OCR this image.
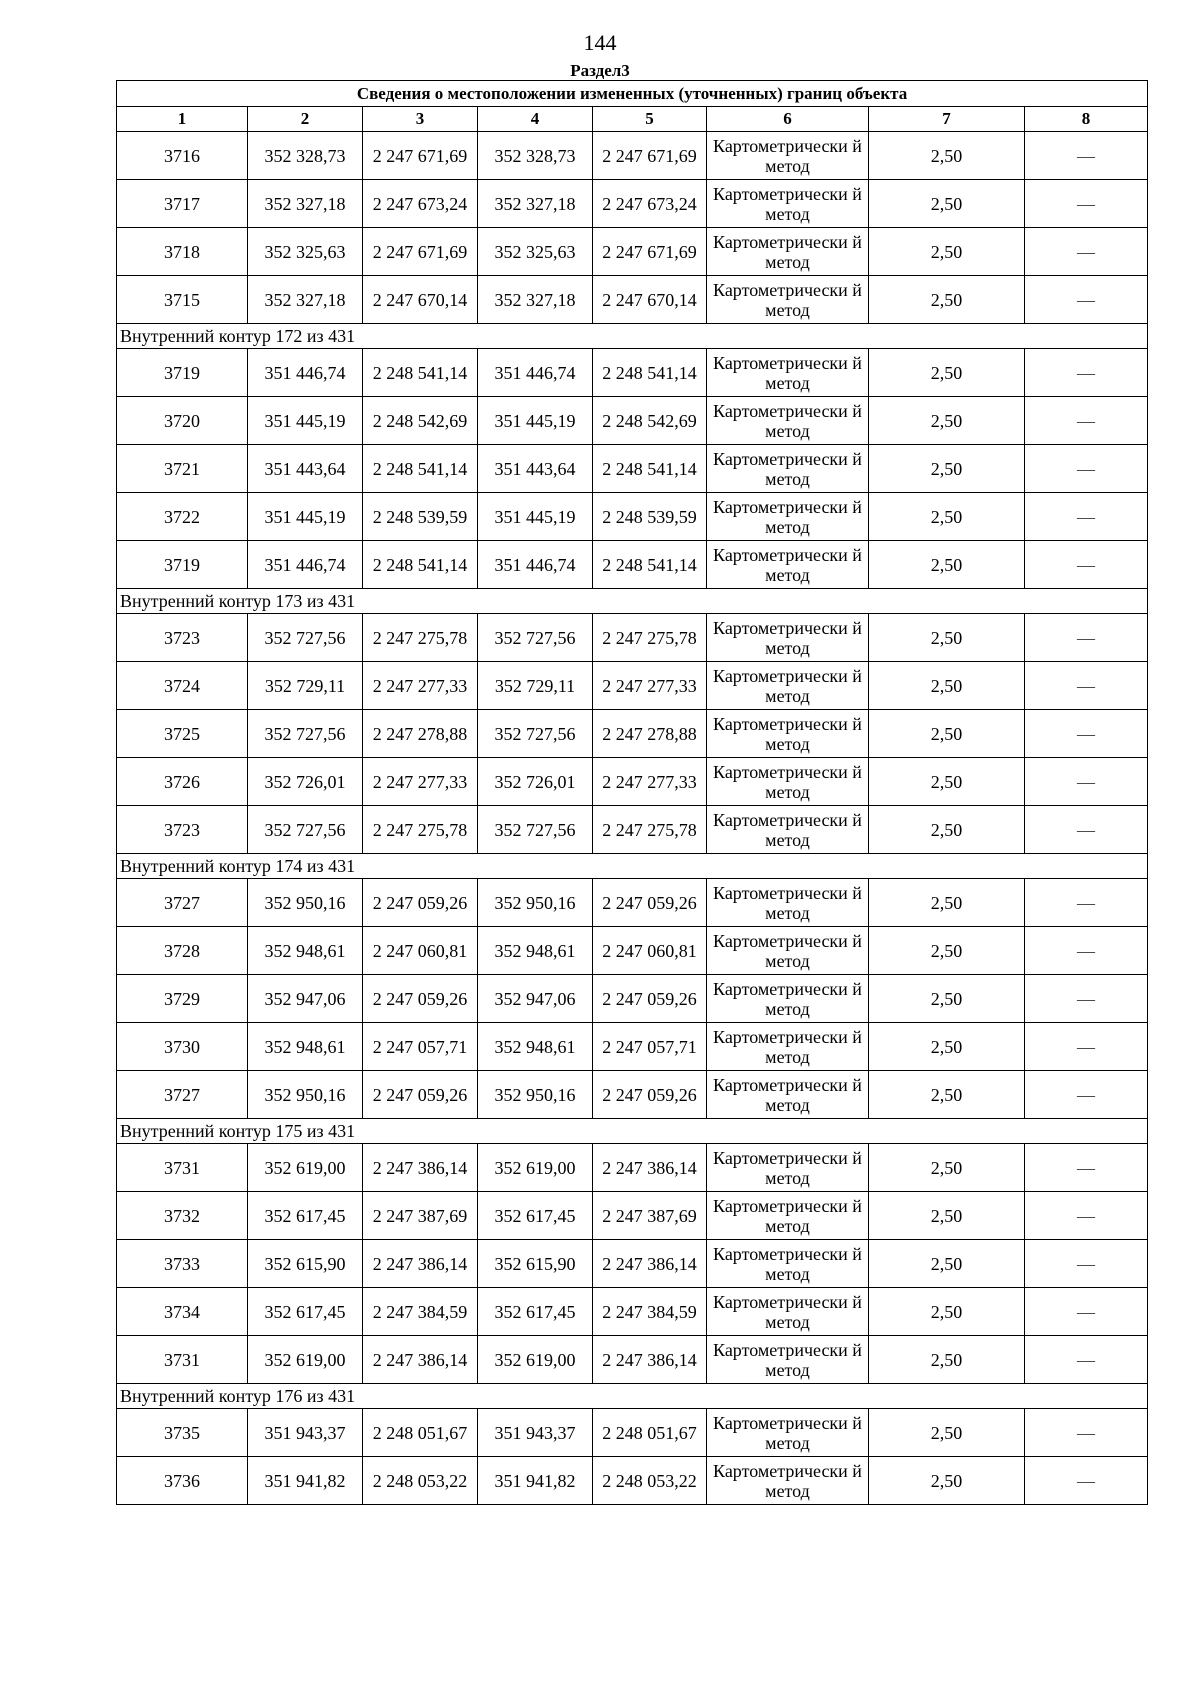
144
Раздел3
Сведения о местоположении измененных (уточненных) границ объекта							
1	2	3	4	5	6	7	8
3716	352 328,73	2 247 671,69	352 328,73	2 247 671,69	Картометрически й метод	2,50	—
3717	352 327,18	2 247 673,24	352 327,18	2 247 673,24	Картометрически й метод	2,50	—
3718	352 325,63	2 247 671,69	352 325,63	2 247 671,69	Картометрически й метод	2,50	—
3715	352 327,18	2 247 670,14	352 327,18	2 247 670,14	Картометрически й метод	2,50	—
Внутренний контур 172 из 431							
3719	351 446,74	2 248 541,14	351 446,74	2 248 541,14	Картометрически й метод	2,50	—
3720	351 445,19	2 248 542,69	351 445,19	2 248 542,69	Картометрически й метод	2,50	—
3721	351 443,64	2 248 541,14	351 443,64	2 248 541,14	Картометрически й метод	2,50	—
3722	351 445,19	2 248 539,59	351 445,19	2 248 539,59	Картометрически й метод	2,50	—
3719	351 446,74	2 248 541,14	351 446,74	2 248 541,14	Картометрически й метод	2,50	—
Внутренний контур 173 из 431							
3723	352 727,56	2 247 275,78	352 727,56	2 247 275,78	Картометрически й метод	2,50	—
3724	352 729,11	2 247 277,33	352 729,11	2 247 277,33	Картометрически й метод	2,50	—
3725	352 727,56	2 247 278,88	352 727,56	2 247 278,88	Картометрически й метод	2,50	—
3726	352 726,01	2 247 277,33	352 726,01	2 247 277,33	Картометрически й метод	2,50	—
3723	352 727,56	2 247 275,78	352 727,56	2 247 275,78	Картометрически й метод	2,50	—
Внутренний контур 174 из 431							
3727	352 950,16	2 247 059,26	352 950,16	2 247 059,26	Картометрически й метод	2,50	—
3728	352 948,61	2 247 060,81	352 948,61	2 247 060,81	Картометрически й метод	2,50	—
3729	352 947,06	2 247 059,26	352 947,06	2 247 059,26	Картометрически й метод	2,50	—
3730	352 948,61	2 247 057,71	352 948,61	2 247 057,71	Картометрически й метод	2,50	—
3727	352 950,16	2 247 059,26	352 950,16	2 247 059,26	Картометрически й метод	2,50	—
Внутренний контур 175 из 431							
3731	352 619,00	2 247 386,14	352 619,00	2 247 386,14	Картометрически й метод	2,50	—
3732	352 617,45	2 247 387,69	352 617,45	2 247 387,69	Картометрически й метод	2,50	—
3733	352 615,90	2 247 386,14	352 615,90	2 247 386,14	Картометрически й метод	2,50	—
3734	352 617,45	2 247 384,59	352 617,45	2 247 384,59	Картометрически й метод	2,50	—
3731	352 619,00	2 247 386,14	352 619,00	2 247 386,14	Картометрически й метод	2,50	—
Внутренний контур 176 из 431							
3735	351 943,37	2 248 051,67	351 943,37	2 248 051,67	Картометрически й метод	2,50	—
3736	351 941,82	2 248 053,22	351 941,82	2 248 053,22	Картометрически й метод	2,50	—
